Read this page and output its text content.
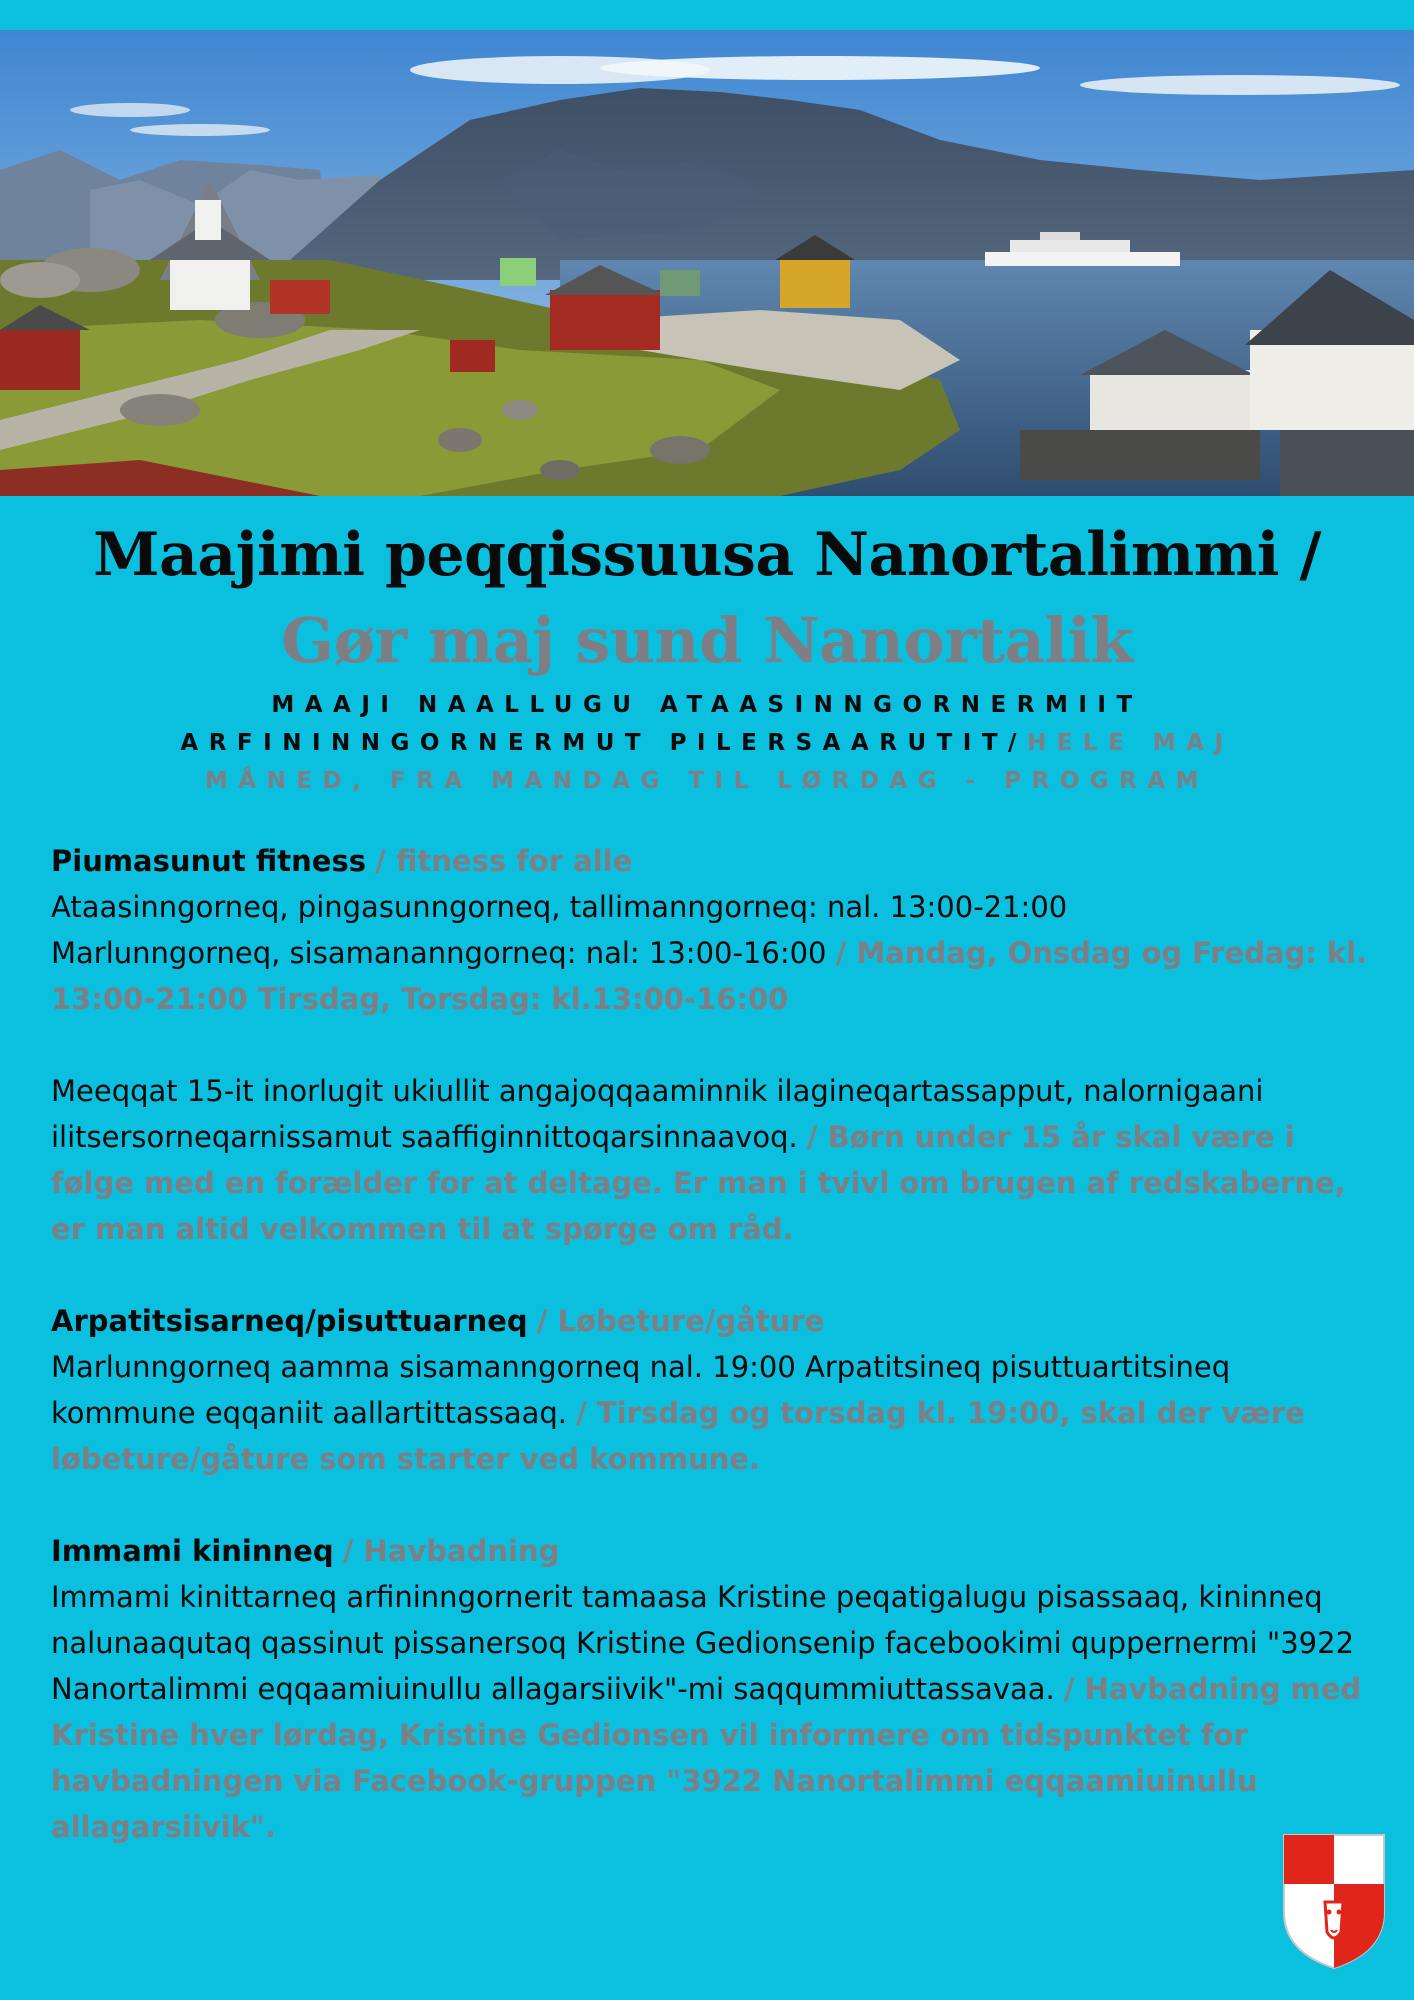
Maajimi peqqissuusa Nanortalimmi /
Gør maj sund Nanortalik
MAAJI NAALLUGU ATAASINNGORNERMIIT ARFININNGORNERMUT PILERSAARUTIT/HELE MAJ MÅNED, FRA MANDAG TIL LØRDAG - PROGRAM
Piumasunut fitness / fitness for alle
Ataasinngorneq, pingasunngorneq, tallimanngorneq: nal. 13:00-21:00
Marlunngorneq, sisamananngorneq: nal: 13:00-16:00 / Mandag, Onsdag og Fredag: kl. 13:00-21:00 Tirsdag, Torsdag: kl.13:00-16:00
Meeqqat 15-it inorlugit ukiullit angajoqqaaminnik ilagineqartassapput, nalornigaani ilitsersorneqarnissamut saaffiginnittoqarsinnaavoq. / Børn under 15 år skal være i følge med en forælder for at deltage. Er man i tvivl om brugen af redskaberne, er man altid velkommen til at spørge om råd.
Arpatitsisarneq/pisuttuarneq / Løbeture/gåture
Marlunngorneq aamma sisamanngorneq nal. 19:00 Arpatitsineq pisuttuartitsineq kommune eqqaniit aallartittassaaq. / Tirsdag og torsdag kl. 19:00, skal der være løbeture/gåture som starter ved kommune.
Immami kininneq / Havbadning
Immami kinittarneq arfininngornerit tamaasa Kristine peqatigalugu pisassaaq, kininneq nalunaaqutaq qassinut pissanersoq Kristine Gedionsenip facebookimi quppernermi "3922 Nanortalimmi eqqaamiuinullu allagarsiivik"-mi saqqummiuttassavaa. / Havbadning med Kristine hver lørdag, Kristine Gedionsen vil informere om tidspunktet for havbadningen via Facebook-gruppen "3922 Nanortalimmi eqqaamiuinullu allagarsiivik".
